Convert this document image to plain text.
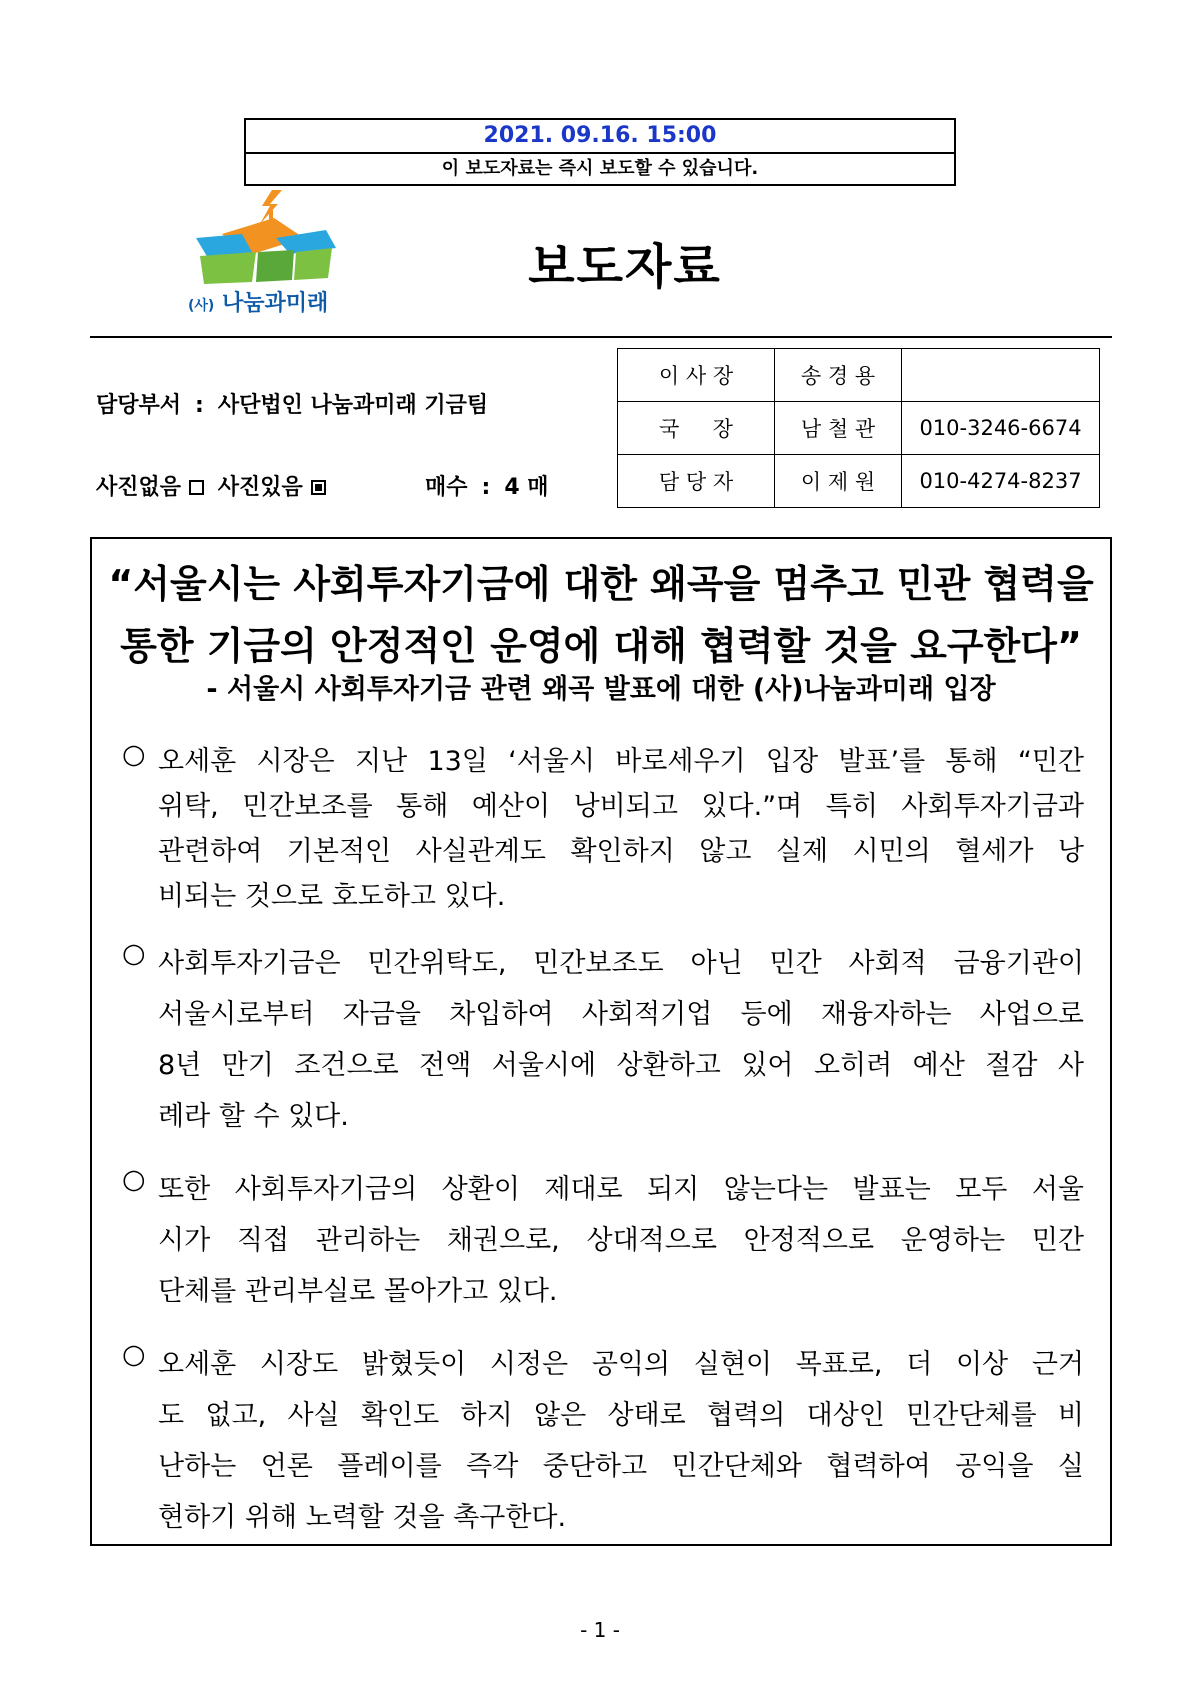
2021. 09.16. 15:00
이 보도자료는 즉시 보도할 수 있습니다.
(사) 나눔과미래
보도자료
담당부서 : 사단법인 나눔과미래 기금팀
사진없음 사진있음	매수 : 4 매
이 사 장	송 경 용	
국     장	남 철 관	010-3246-6674
담 당 자	이 제 원	010-4274-8237
“서울시는 사회투자기금에 대한 왜곡을 멈추고 민관 협력을
통한 기금의 안정적인 운영에 대해 협력할 것을 요구한다”
- 서울시 사회투자기금 관련 왜곡 발표에 대한 (사)나눔과미래 입장
○ 오세훈 시장은 지난 13일 ‘서울시 바로세우기 입장 발표’를 통해 “민간
위탁, 민간보조를 통해 예산이 낭비되고 있다.”며 특히 사회투자기금과
관련하여 기본적인 사실관계도 확인하지 않고 실제 시민의 혈세가 낭
비되는 것으로 호도하고 있다.
○ 사회투자기금은 민간위탁도, 민간보조도 아닌 민간 사회적 금융기관이
서울시로부터 자금을 차입하여 사회적기업 등에 재융자하는 사업으로
8년 만기 조건으로 전액 서울시에 상환하고 있어 오히려 예산 절감 사
례라 할 수 있다.
○ 또한 사회투자기금의 상환이 제대로 되지 않는다는 발표는 모두 서울
시가 직접 관리하는 채권으로, 상대적으로 안정적으로 운영하는 민간
단체를 관리부실로 몰아가고 있다.
○ 오세훈 시장도 밝혔듯이 시정은 공익의 실현이 목표로, 더 이상 근거
도 없고, 사실 확인도 하지 않은 상태로 협력의 대상인 민간단체를 비
난하는 언론 플레이를 즉각 중단하고 민간단체와 협력하여 공익을 실
현하기 위해 노력할 것을 촉구한다.
- 1 -
